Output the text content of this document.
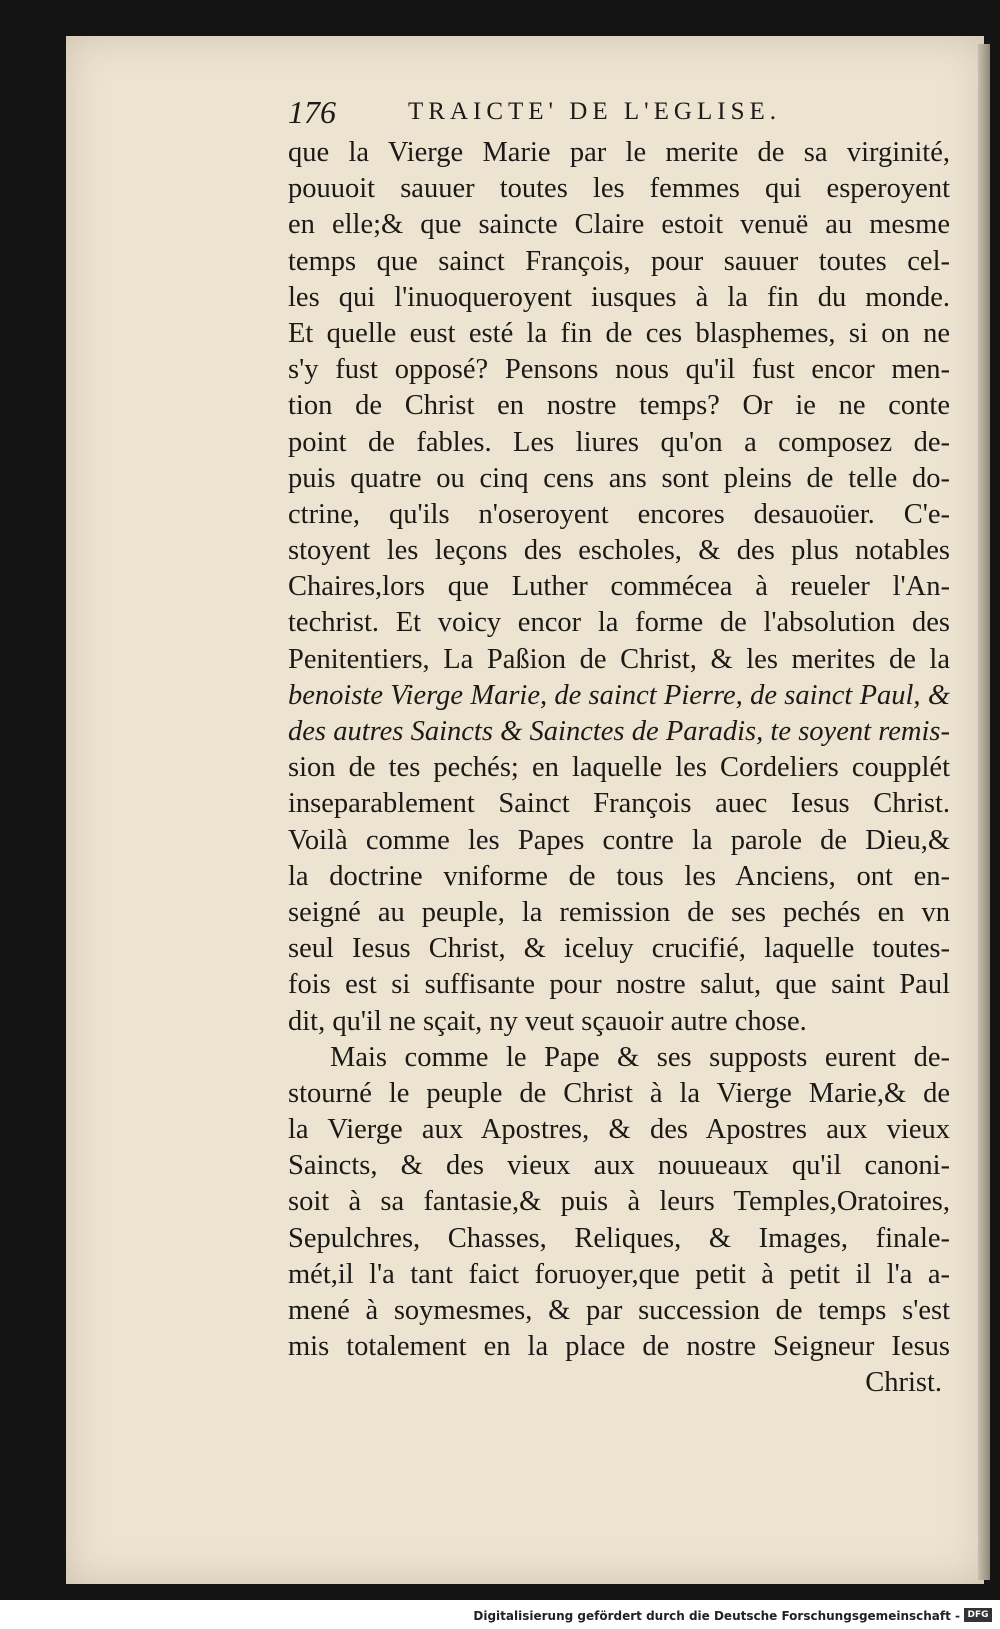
176	TRAICTE' DE L'EGLISE.
que la Vierge Marie par le merite de sa virginité,
pouuoit sauuer toutes les femmes qui esperoyent
en elle;& que saincte Claire estoit venuë au mesme
temps que sainct François, pour sauuer toutes cel-
les qui l'inuoqueroyent iusques à la fin du monde.
Et quelle eust esté la fin de ces blasphemes, si on ne
s'y fust opposé? Pensons nous qu'il fust encor men-
tion de Christ en nostre temps? Or ie ne conte
point de fables. Les liures qu'on a composez de-
puis quatre ou cinq cens ans sont pleins de telle do-
ctrine, qu'ils n'oseroyent encores desauoüer. C'e-
stoyent les leçons des escholes, & des plus notables
Chaires,lors que Luther commécea à reueler l'An-
techrist. Et voicy encor la forme de l'absolution des
Penitentiers, La Paßion de Christ, & les merites de la
benoiste Vierge Marie, de sainct Pierre, de sainct Paul, &
des autres Saincts & Sainctes de Paradis, te soyent remis-
sion de tes pechés; en laquelle les Cordeliers coupplét
inseparablement Sainct François auec Iesus Christ.
Voilà comme les Papes contre la parole de Dieu,&
la doctrine vniforme de tous les Anciens, ont en-
seigné au peuple, la remission de ses pechés en vn
seul Iesus Christ, & iceluy crucifié, laquelle toutes-
fois est si suffisante pour nostre salut, que saint Paul
dit, qu'il ne sçait, ny veut sçauoir autre chose.
Mais comme le Pape & ses supposts eurent de-
stourné le peuple de Christ à la Vierge Marie,& de
la Vierge aux Apostres, & des Apostres aux vieux
Saincts, & des vieux aux nouueaux qu'il canoni-
soit à sa fantasie,& puis à leurs Temples,Oratoires,
Sepulchres, Chasses, Reliques, & Images, finale-
mét,il l'a tant faict foruoyer,que petit à petit il l'a a-
mené à soymesmes, & par succession de temps s'est
mis totalement en la place de nostre Seigneur Iesus
Christ.
Digitalisierung gefördert durch die Deutsche Forschungsgemeinschaft - DFG
